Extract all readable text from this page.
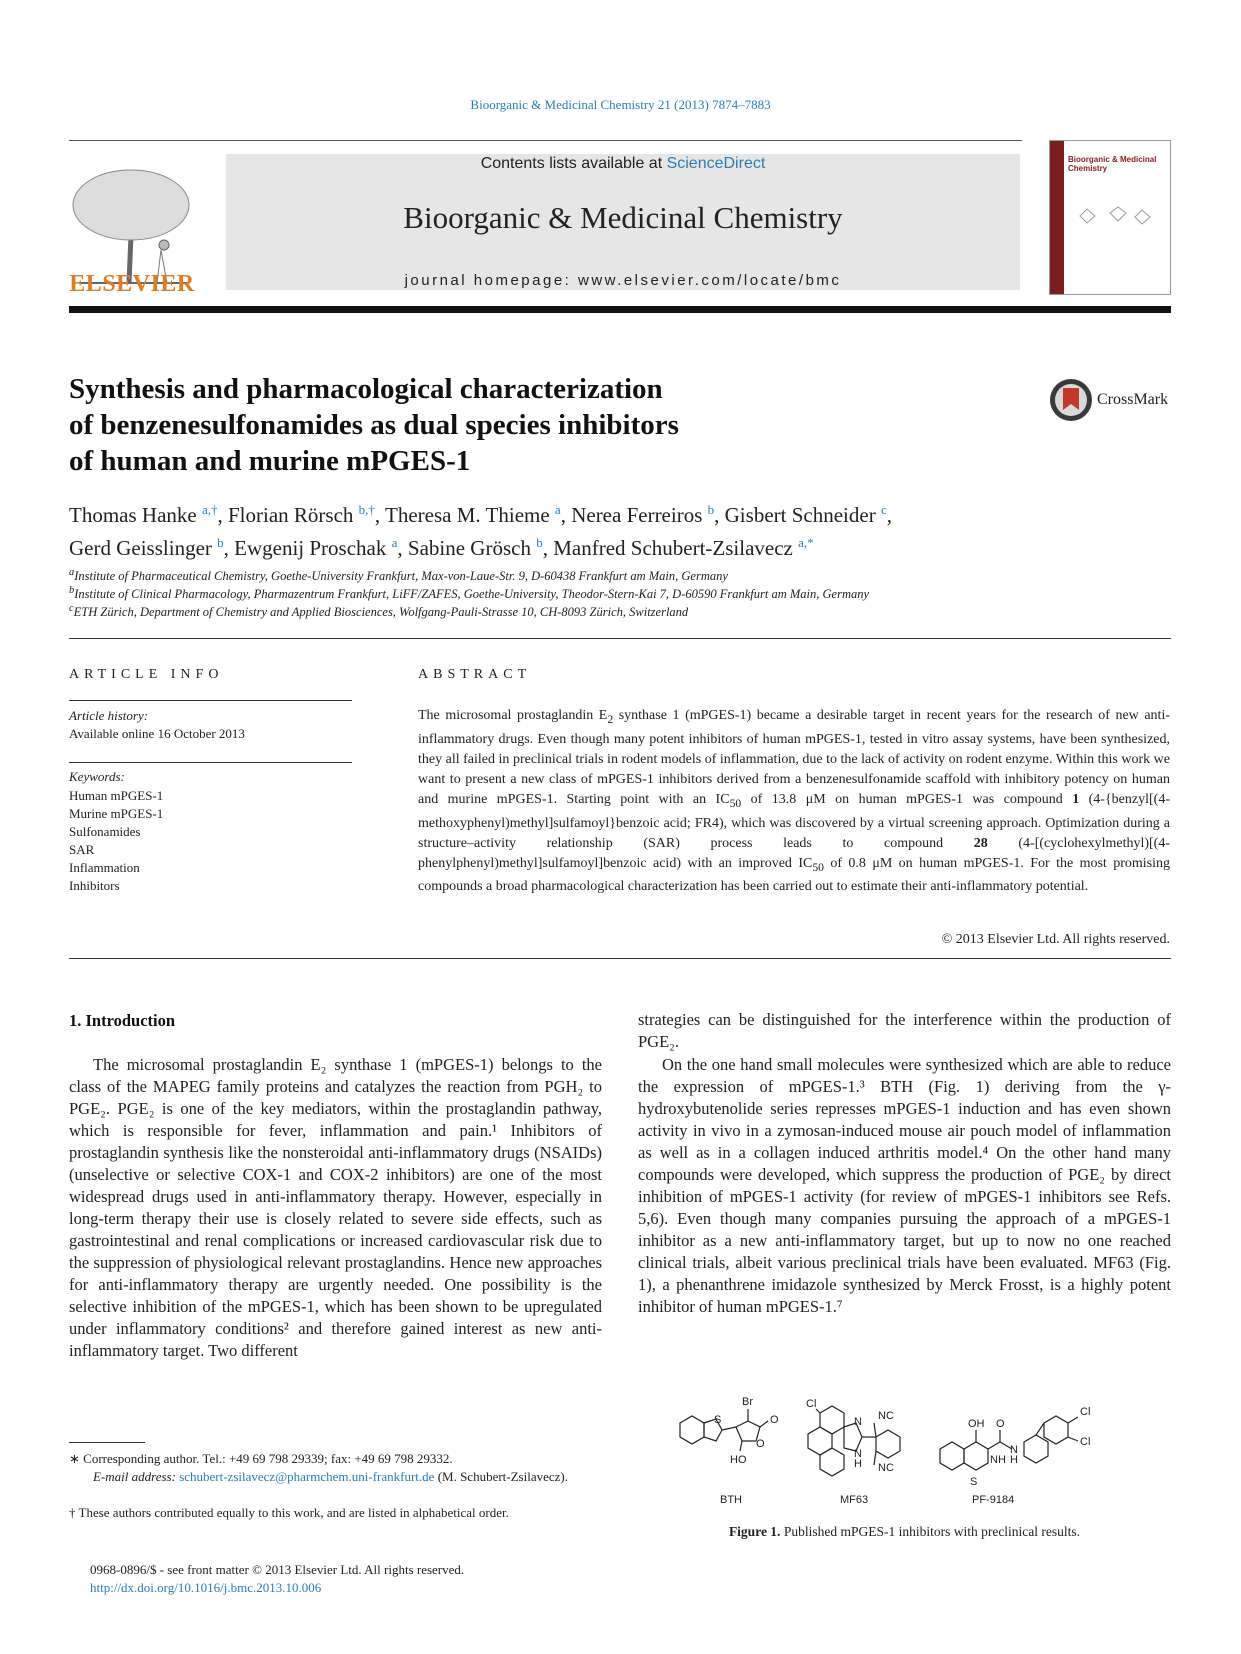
Bioorganic & Medicinal Chemistry 21 (2013) 7874–7883
ELSEVIER
Contents lists available at ScienceDirect
Bioorganic & Medicinal Chemistry
journal homepage: www.elsevier.com/locate/bmc
Bioorganic & Medicinal Chemistry
Synthesis and pharmacological characterization
of benzenesulfonamides as dual species inhibitors
of human and murine mPGES-1
CrossMark
Thomas Hanke $^{a,\dagger}$, Florian Rörsch $^{b,\dagger}$, Theresa M. Thieme $^a$, Nerea Ferreiros $^b$, Gisbert Schneider $^c$,
Gerd Geisslinger $^b$, Ewgenij Proschak $^a$, Sabine Grösch $^b$, Manfred Schubert-Zsilavecz $^{a,*}$
$^a$Institute of Pharmaceutical Chemistry, Goethe-University Frankfurt, Max-von-Laue-Str. 9, D-60438 Frankfurt am Main, Germany
$^b$Institute of Clinical Pharmacology, Pharmazentrum Frankfurt, LiFF/ZAFES, Goethe-University, Theodor-Stern-Kai 7, D-60590 Frankfurt am Main, Germany
$^c$ETH Zürich, Department of Chemistry and Applied Biosciences, Wolfgang-Pauli-Strasse 10, CH-8093 Zürich, Switzerland
ARTICLE INFO
Article history:
Available online 16 October 2013
Keywords:
Human mPGES-1
Murine mPGES-1
Sulfonamides
SAR
Inflammation
Inhibitors
ABSTRACT
The microsomal prostaglandin $E_2$ synthase 1 (mPGES-1) became a desirable target in recent years for the research of new anti-inflammatory drugs. Even though many potent inhibitors of human mPGES-1, tested in vitro assay systems, have been synthesized, they all failed in preclinical trials in rodent models of inflammation, due to the lack of activity on rodent enzyme. Within this work we want to present a new class of mPGES-1 inhibitors derived from a benzenesulfonamide scaffold with inhibitory potency on human and murine mPGES-1. Starting point with an $IC_{50}$ of 13.8 μM on human mPGES-1 was compound 1 (4-{benzyl[(4-methoxyphenyl)methyl]sulfamoyl}benzoic acid; FR4), which was discovered by a virtual screening approach. Optimization during a structure–activity relationship (SAR) process leads to compound 28 (4-[(cyclohexylmethyl)[(4-phenylphenyl)methyl]sulfamoyl]benzoic acid) with an improved $IC_{50}$ of 0.8 μM on human mPGES-1. For the most promising compounds a broad pharmacological characterization has been carried out to estimate their anti-inflammatory potential.
© 2013 Elsevier Ltd. All rights reserved.
1. Introduction
The microsomal prostaglandin E₂ synthase 1 (mPGES-1) belongs to the class of the MAPEG family proteins and catalyzes the reaction from PGH₂ to PGE₂. PGE₂ is one of the key mediators, within the prostaglandin pathway, which is responsible for fever, inflammation and pain.¹ Inhibitors of prostaglandin synthesis like the nonsteroidal anti-inflammatory drugs (NSAIDs) (unselective or selective COX-1 and COX-2 inhibitors) are one of the most widespread drugs used in anti-inflammatory therapy. However, especially in long-term therapy their use is closely related to severe side effects, such as gastrointestinal and renal complications or increased cardiovascular risk due to the suppression of physiological relevant prostaglandins. Hence new approaches for anti-inflammatory therapy are urgently needed. One possibility is the selective inhibition of the mPGES-1, which has been shown to be upregulated under inflammatory conditions² and therefore gained interest as new anti-inflammatory target. Two different
strategies can be distinguished for the interference within the production of PGE₂.
On the one hand small molecules were synthesized which are able to reduce the expression of mPGES-1.³ BTH (Fig. 1) deriving from the γ-hydroxybutenolide series represses mPGES-1 induction and has even shown activity in vivo in a zymosan-induced mouse air pouch model of inflammation as well as in a collagen induced arthritis model.⁴ On the other hand many compounds were developed, which suppress the production of PGE₂ by direct inhibition of mPGES-1 activity (for review of mPGES-1 inhibitors see Refs. 5,6). Even though many companies pursuing the approach of a mPGES-1 inhibitor as a new anti-inflammatory target, but up to now no one reached clinical trials, albeit various preclinical trials have been evaluated. MF63 (Fig. 1), a phenanthrene imidazole synthesized by Merck Frosst, is a highly potent inhibitor of human mPGES-1.⁷
∗ Corresponding author. Tel.: +49 69 798 29339; fax: +49 69 798 29332.
E-mail address: schubert-zsilavecz@pharmchem.uni-frankfurt.de (M. Schubert-Zsilavecz).
† These authors contributed equally to this work, and are listed in alphabetical order.
0968-0896/$ - see front matter © 2013 Elsevier Ltd. All rights reserved.
http://dx.doi.org/10.1016/j.bmc.2013.10.006
Br
O
O
HO
S
BTH
Cl
N
N
H
NC
NC
MF63
OH O
NH
N
H
S
Cl
Cl
PF-9184
Figure 1. Published mPGES-1 inhibitors with preclinical results.
